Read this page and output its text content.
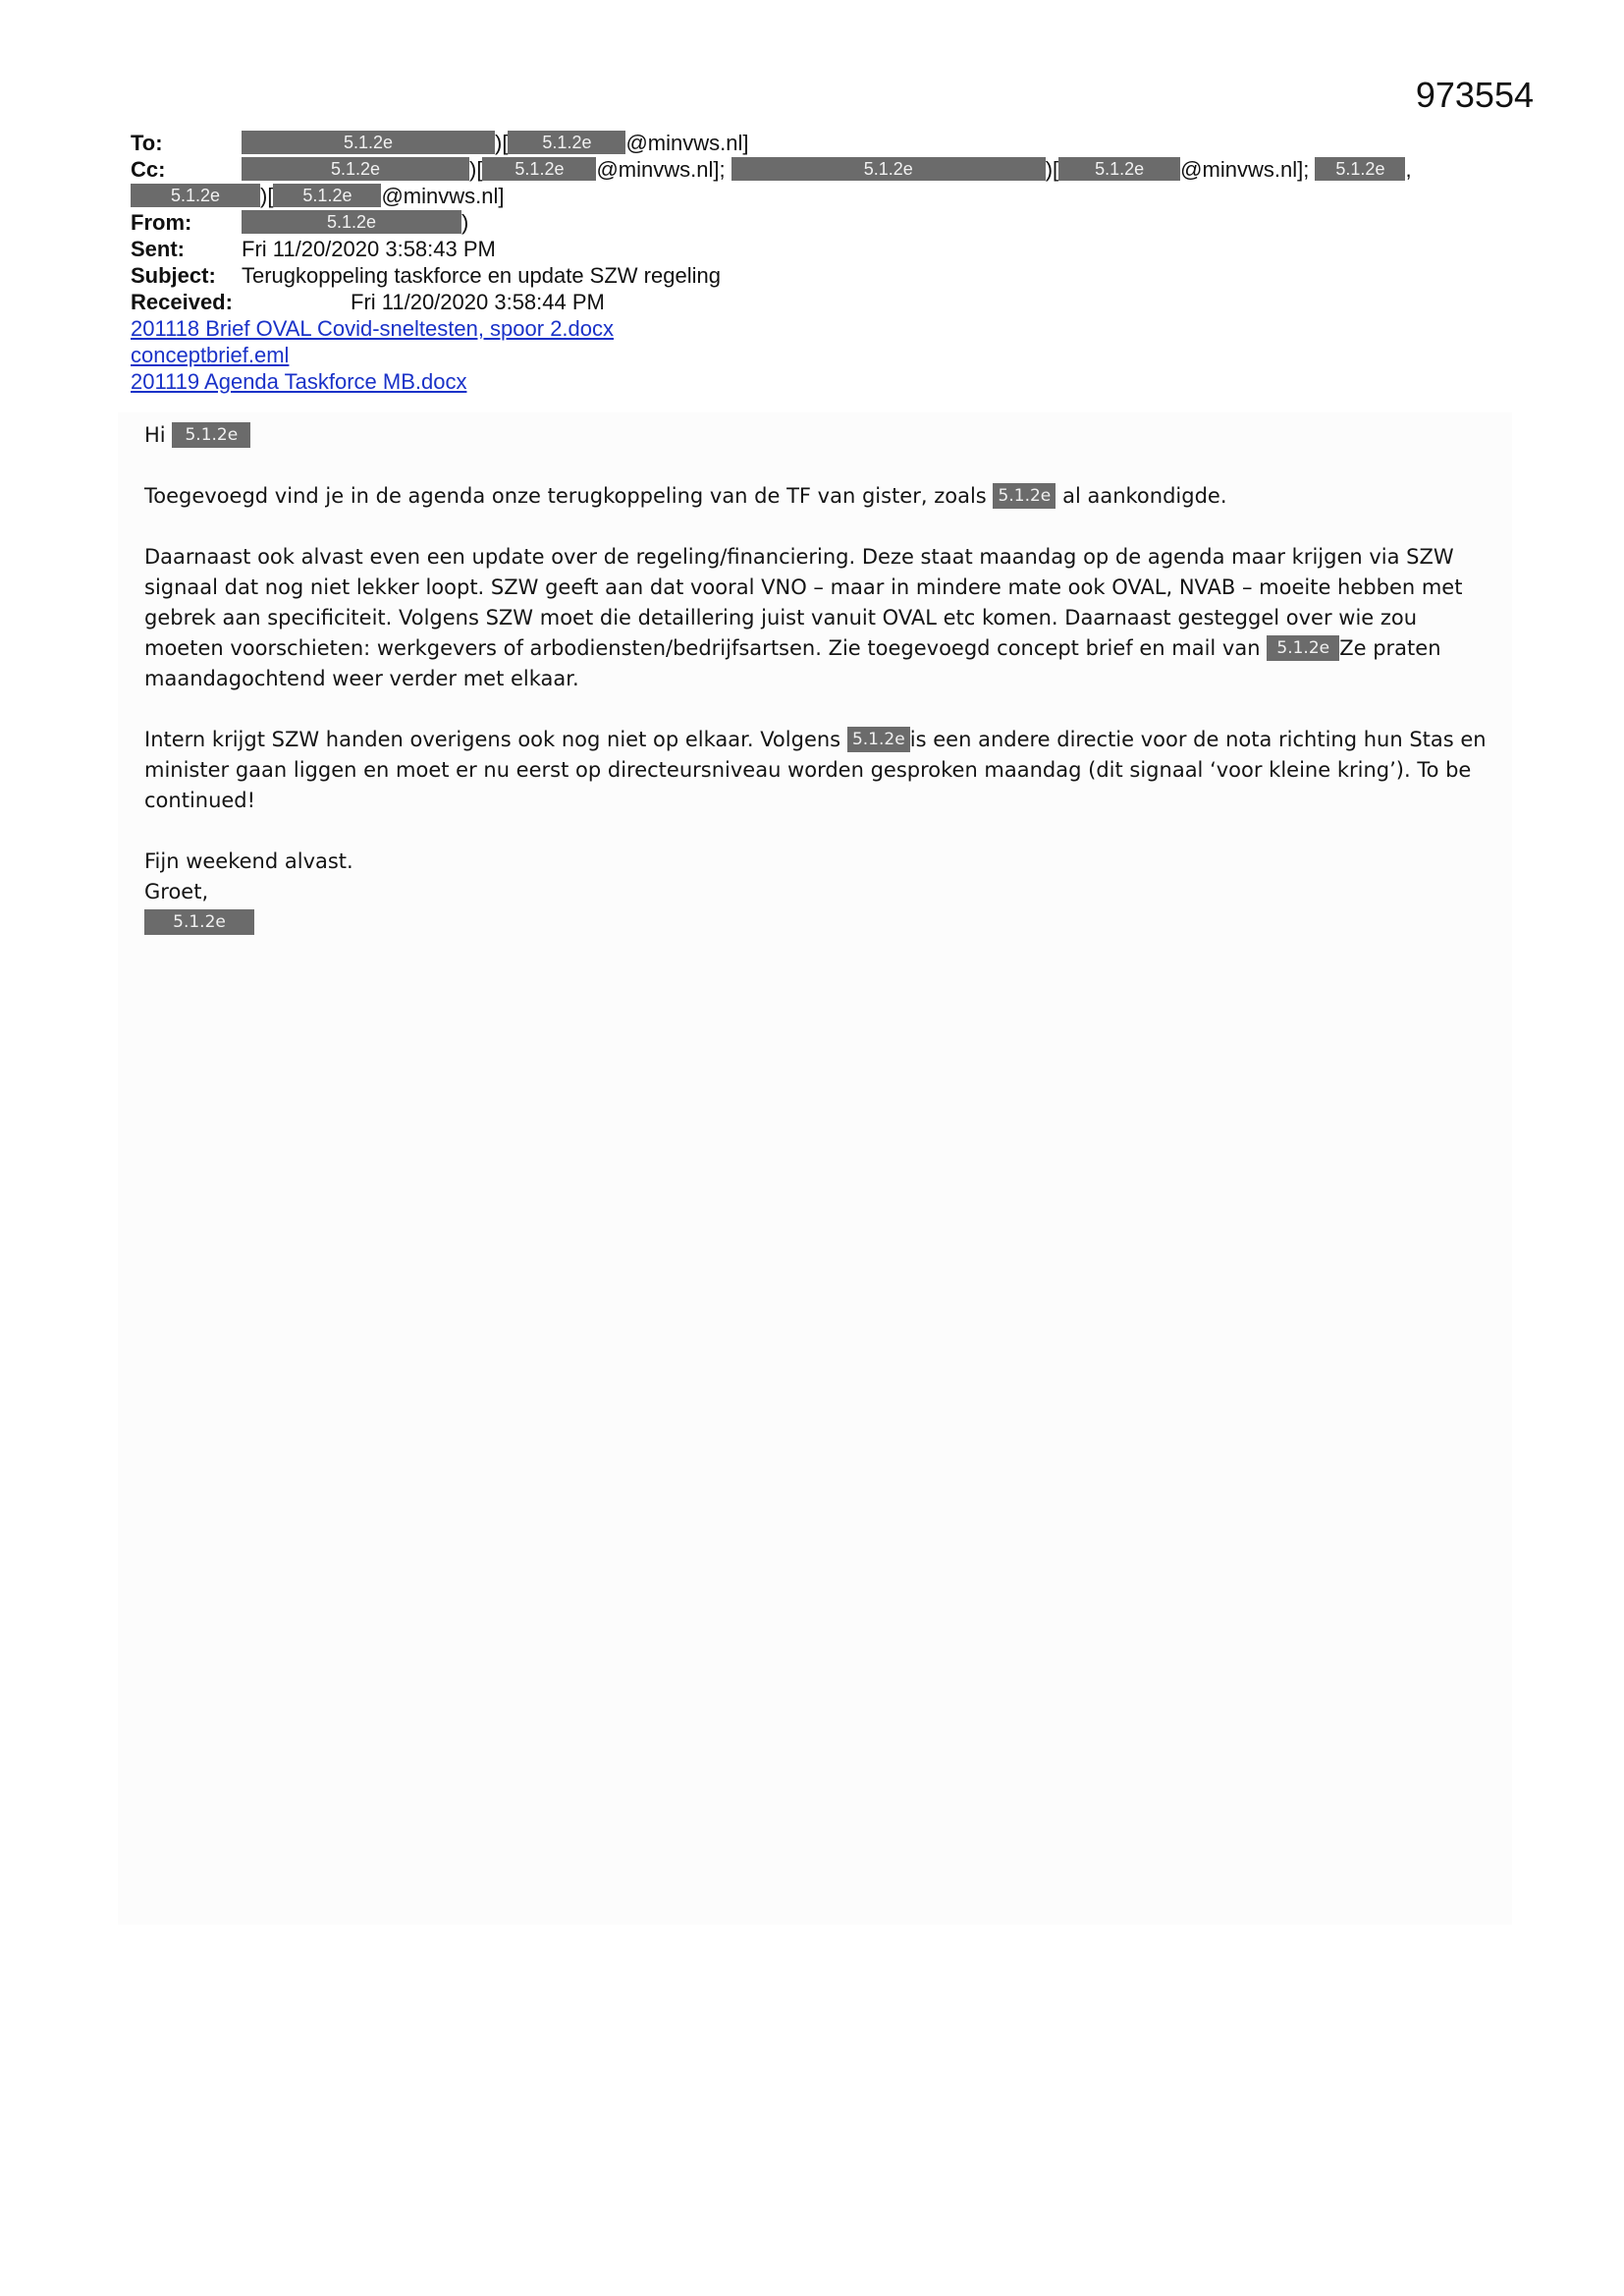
973554
To:	5.1.2e	)[ 5.1.2e @minvws.nl]
Cc:	5.1.2e	)[ 5.1.2e @minvws.nl];	5.1.2e	)[ 5.1.2e @minvws.nl]; 5.1.2e ,
5.1.2e )[ 5.1.2e @minvws.nl]
From:	5.1.2e	)
Sent:	Fri 11/20/2020 3:58:43 PM
Subject: Terugkoppeling taskforce en update SZW regeling
Received:	Fri 11/20/2020 3:58:44 PM
201118 Brief OVAL Covid-sneltesten, spoor 2.docx
conceptbrief.eml
201119 Agenda Taskforce MB.docx

Hi 5.1.2e

Toegevoegd vind je in de agenda onze terugkoppeling van de TF van gister, zoals 5.1.2e al aankondigde.

Daarnaast ook alvast even een update over de regeling/financiering. Deze staat maandag op de agenda maar krijgen via SZW signaal dat nog niet lekker loopt. SZW geeft aan dat vooral VNO – maar in mindere mate ook OVAL, NVAB – moeite hebben met gebrek aan specificiteit. Volgens SZW moet die detaillering juist vanuit OVAL etc komen. Daarnaast gesteggel over wie zou moeten voorschieten: werkgevers of arbodiensten/bedrijfsartsen. Zie toegevoegd concept brief en mail van 5.1.2e Ze praten maandagochtend weer verder met elkaar.

Intern krijgt SZW handen overigens ook nog niet op elkaar. Volgens 5.1.2e is een andere directie voor de nota richting hun Stas en minister gaan liggen en moet er nu eerst op directeursniveau worden gesproken maandag (dit signaal ‘voor kleine kring’). To be continued!

Fijn weekend alvast.
Groet,
5.1.2e
